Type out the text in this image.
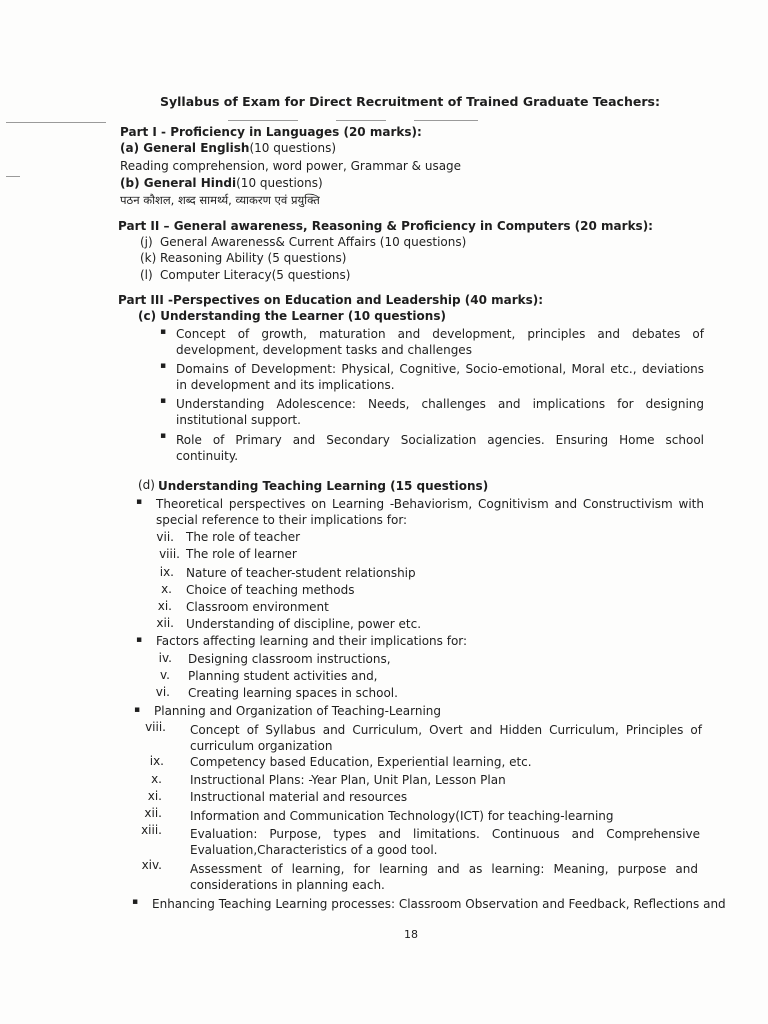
Syllabus of Exam for Direct Recruitment of Trained Graduate Teachers:
Part I - Proficiency in Languages (20 marks):
(a) General English(10 questions)
Reading comprehension, word power, Grammar & usage
(b) General Hindi(10 questions)
पठन कौशल, शब्द सामर्थ्य, व्याकरण एवं प्रयुक्ति
Part II – General awareness, Reasoning & Proficiency in Computers (20 marks):
(j) General Awareness& Current Affairs (10 questions)
(k) Reasoning Ability (5 questions)
(l) Computer Literacy(5 questions)
Part III -Perspectives on Education and Leadership (40 marks):
(c) Understanding the Learner (10 questions)
▪ Concept of growth, maturation and development, principles and debates of development, development tasks and challenges
▪ Domains of Development: Physical, Cognitive, Socio-emotional, Moral etc., deviations in development and its implications.
▪ Understanding Adolescence: Needs, challenges and implications for designing institutional support.
▪ Role of Primary and Secondary Socialization agencies. Ensuring Home school continuity.
(d) Understanding Teaching Learning (15 questions)
▪ Theoretical perspectives on Learning -Behaviorism, Cognitivism and Constructivism with special reference to their implications for:
vii. The role of teacher
viii. The role of learner
ix. Nature of teacher-student relationship
x. Choice of teaching methods
xi. Classroom environment
xii. Understanding of discipline, power etc.
▪ Factors affecting learning and their implications for:
iv. Designing classroom instructions,
v. Planning student activities and,
vi. Creating learning spaces in school.
▪ Planning and Organization of Teaching-Learning
viii. Concept of Syllabus and Curriculum, Overt and Hidden Curriculum, Principles of curriculum organization
ix. Competency based Education, Experiential learning, etc.
x. Instructional Plans: -Year Plan, Unit Plan, Lesson Plan
xi. Instructional material and resources
xii. Information and Communication Technology(ICT) for teaching-learning
xiii. Evaluation: Purpose, types and limitations. Continuous and Comprehensive Evaluation,Characteristics of a good tool.
xiv. Assessment of learning, for learning and as learning: Meaning, purpose and considerations in planning each.
▪ Enhancing Teaching Learning processes: Classroom Observation and Feedback, Reflections and
18
